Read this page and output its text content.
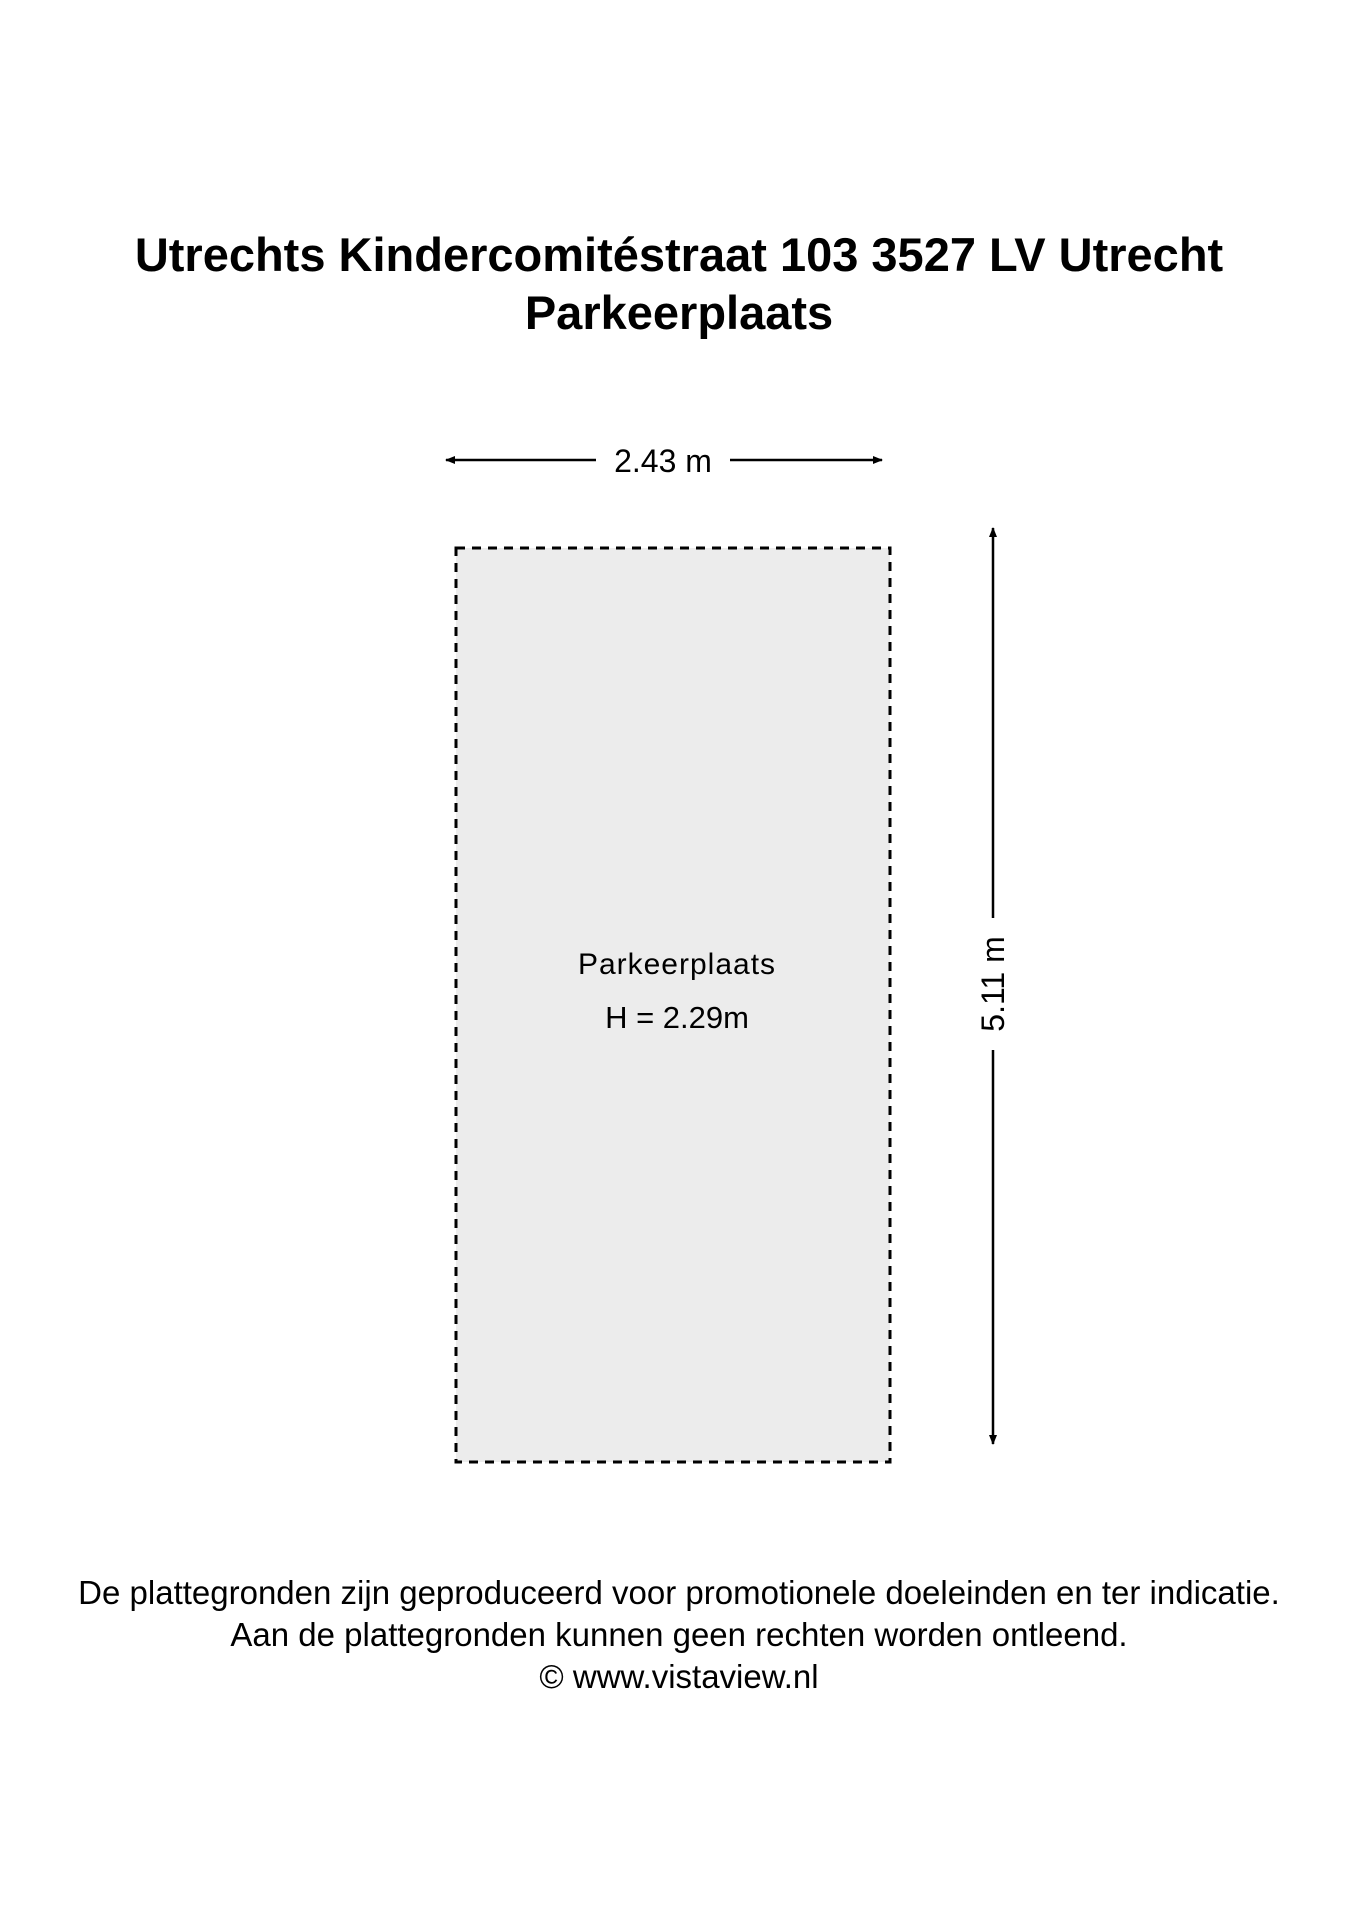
Utrechts Kindercomitéstraat 103 3527 LV Utrecht
Parkeerplaats
Parkeerplaats
H = 2.29m
2.43 m
5.11 m
De plattegronden zijn geproduceerd voor promotionele doeleinden en ter indicatie.
Aan de plattegronden kunnen geen rechten worden ontleend.
© www.vistaview.nl
